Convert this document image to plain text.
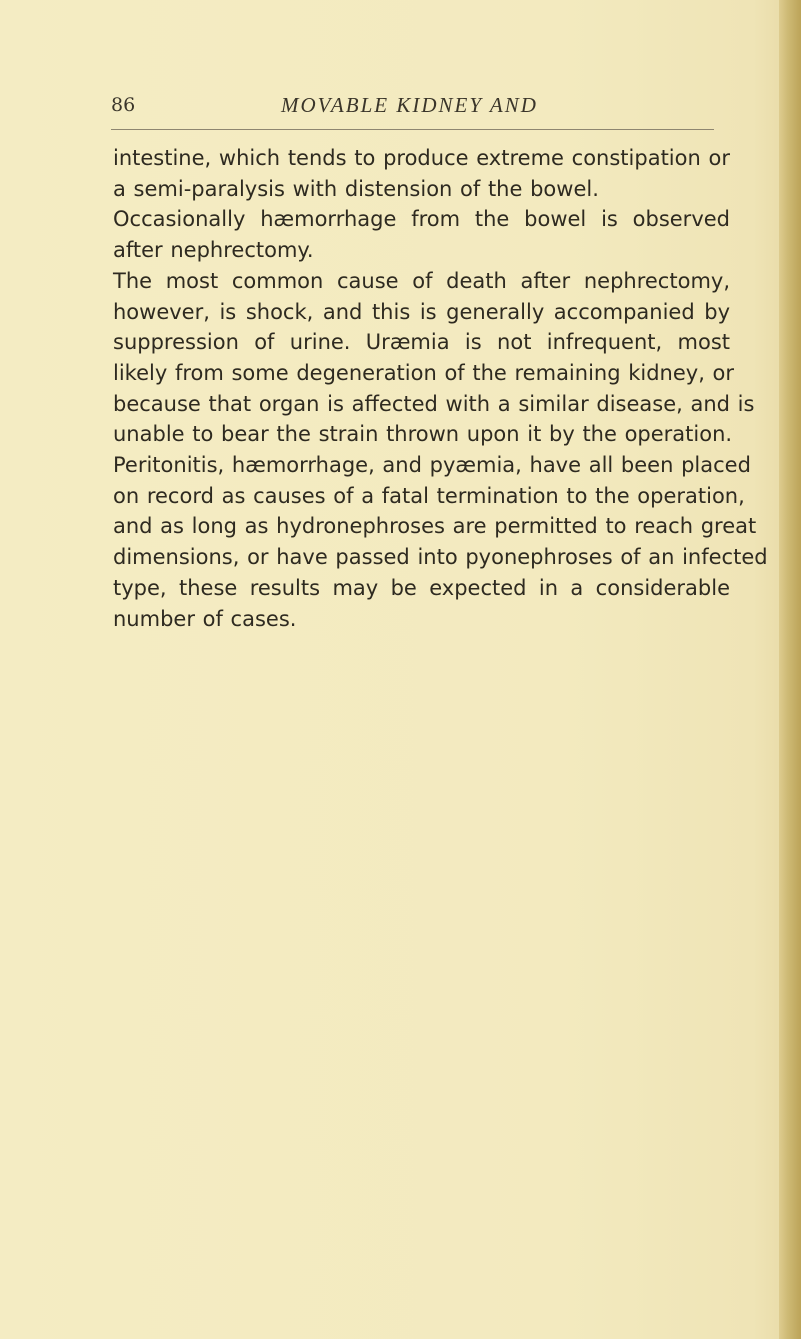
86	MOVABLE KIDNEY AND
intestine, which tends to produce extreme constipation or
a semi-paralysis with distension of the bowel.
Occasionally hæmorrhage from the bowel is observed
after nephrectomy.
The most common cause of death after nephrectomy,
however, is shock, and this is generally accompanied by
suppression of urine. Uræmia is not infrequent, most
likely from some degeneration of the remaining kidney, or
because that organ is affected with a similar disease, and is
unable to bear the strain thrown upon it by the operation.
Peritonitis, hæmorrhage, and pyæmia, have all been placed
on record as causes of a fatal termination to the operation,
and as long as hydronephroses are permitted to reach great
dimensions, or have passed into pyonephroses of an infected
type, these results may be expected in a considerable
number of cases.
